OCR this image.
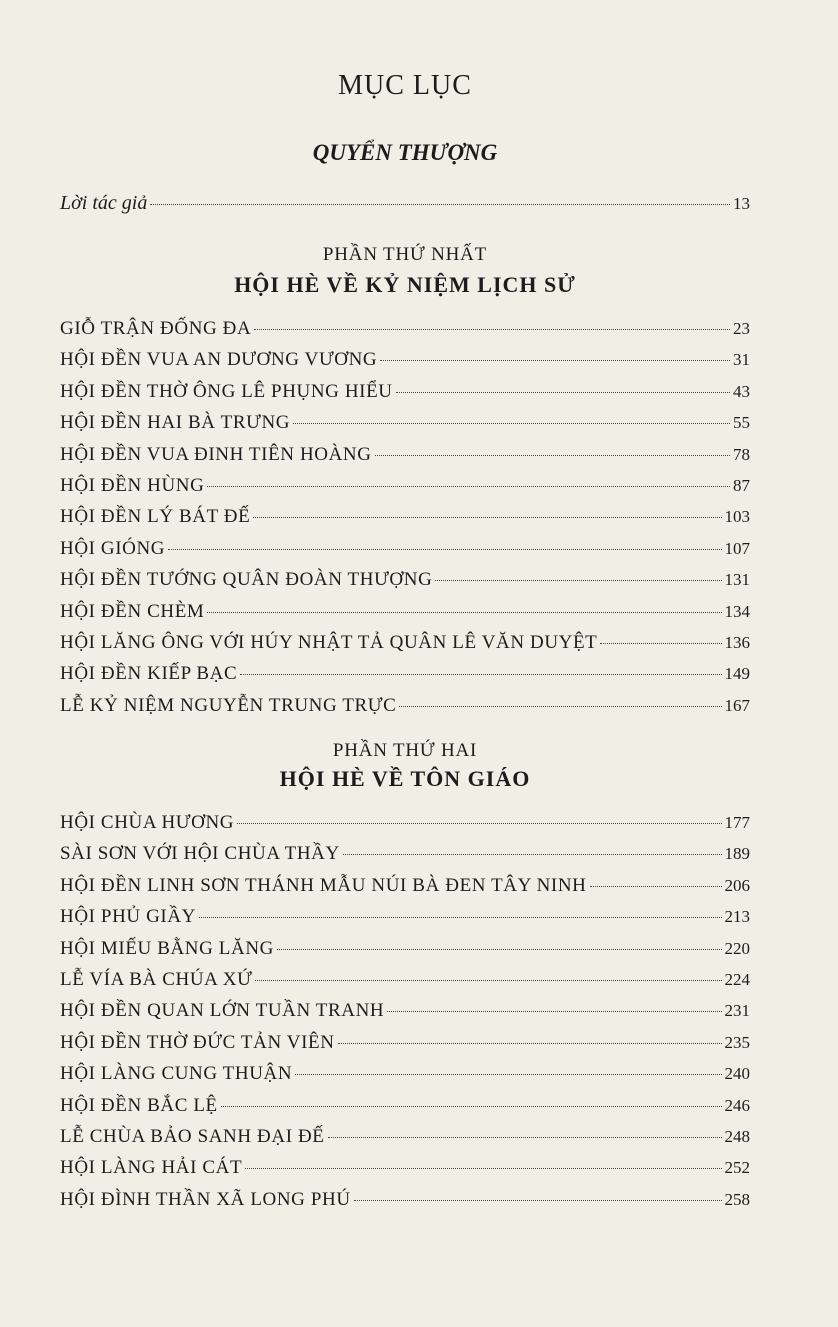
MỤC LỤC
QUYỂN THƯỢNG
Lời tác giả	13
PHẦN THỨ NHẤT
HỘI HÈ VỀ KỶ NIỆM LỊCH SỬ
GIỖ TRẬN ĐỐNG ĐA	23
HỘI ĐỀN VUA AN DƯƠNG VƯƠNG	31
HỘI ĐỀN THỜ ÔNG LÊ PHỤNG HIỂU	43
HỘI ĐỀN HAI BÀ TRƯNG	55
HỘI ĐỀN VUA ĐINH TIÊN HOÀNG	78
HỘI ĐỀN HÙNG	87
HỘI ĐỀN LÝ BÁT ĐẾ	103
HỘI GIÓNG	107
HỘI ĐỀN TƯỚNG QUÂN ĐOÀN THƯỢNG	131
HỘI ĐỀN CHÈM	134
HỘI LĂNG ÔNG VỚI HÚY NHẬT TẢ QUÂN LÊ VĂN DUYỆT	136
HỘI ĐỀN KIẾP BẠC	149
LỄ KỶ NIỆM NGUYỄN TRUNG TRỰC	167
PHẦN THỨ HAI
HỘI HÈ VỀ TÔN GIÁO
HỘI CHÙA HƯƠNG	177
SÀI SƠN VỚI HỘI CHÙA THẦY	189
HỘI ĐỀN LINH SƠN THÁNH MẪU NÚI BÀ ĐEN TÂY NINH	206
HỘI PHỦ GIẦY	213
HỘI MIẾU BẰNG LĂNG	220
LỄ VÍA BÀ CHÚA XỨ	224
HỘI ĐỀN QUAN LỚN TUẦN TRANH	231
HỘI ĐỀN THỜ ĐỨC TẢN VIÊN	235
HỘI LÀNG CUNG THUẬN	240
HỘI ĐỀN BẮC LỆ	246
LỄ CHÙA BẢO SANH ĐẠI ĐẾ	248
HỘI LÀNG HẢI CÁT	252
HỘI ĐÌNH THẦN XÃ LONG PHÚ	258
